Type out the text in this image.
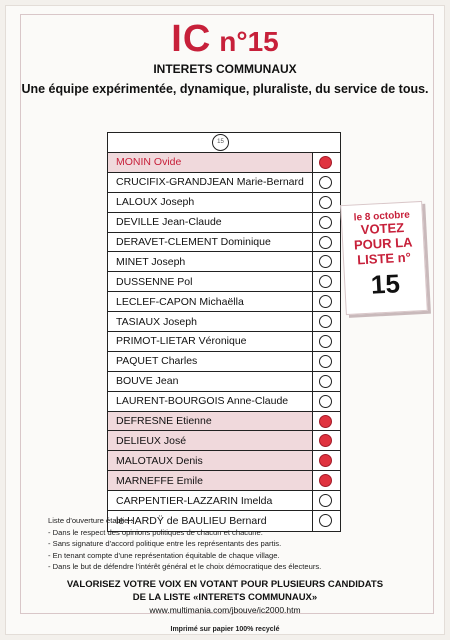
IC n°15
INTERETS COMMUNAUX
Une équipe expérimentée, dynamique, pluraliste, du service de tous.
15
MONIN Ovide
CRUCIFIX-GRANDJEAN Marie-Bernard
LALOUX Joseph
DEVILLE Jean-Claude
DERAVET-CLEMENT Dominique
MINET Joseph
DUSSENNE Pol
LECLEF-CAPON Michaëlla
TASIAUX Joseph
PRIMOT-LIETAR Véronique
PAQUET Charles
BOUVE Jean
LAURENT-BOURGOIS Anne-Claude
DEFRESNE Etienne
DELIEUX José
MALOTAUX Denis
MARNEFFE Emile
CARPENTIER-LAZZARIN Imelda
le HARDŸ de BAULIEU Bernard
le 8 octobre
VOTEZ
POUR LA
LISTE n°
15
Liste d'ouverture établie :
- Dans le respect des opinions politiques de chacun et chacune.
- Sans signature d'accord politique entre les représentants des partis.
- En tenant compte d'une représentation équitable de chaque village.
- Dans le but de défendre l'intérêt général et le choix démocratique des électeurs.
VALORISEZ VOTRE VOIX EN VOTANT POUR PLUSIEURS CANDIDATS
DE LA LISTE «INTERETS COMMUNAUX»
www.multimania.com/jbouve/ic2000.htm
Imprimé sur papier 100% recyclé
